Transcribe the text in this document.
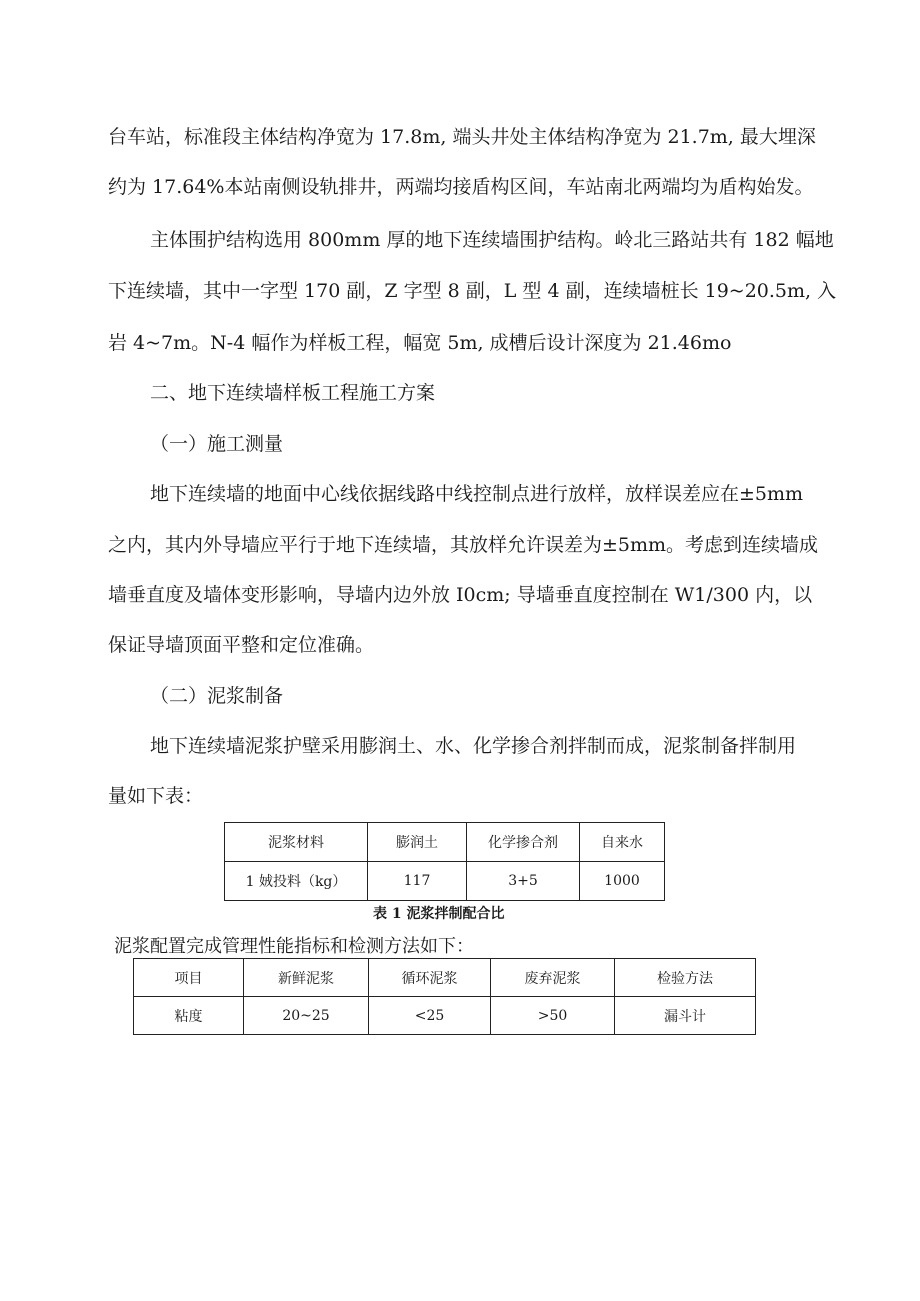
台车站，标准段主体结构净宽为 17.8m, 端头井处主体结构净宽为 21.7m, 最大埋深
约为 17.64%本站南侧设轨排井，两端均接盾构区间，车站南北两端均为盾构始发。
主体围护结构选用 800mm 厚的地下连续墙围护结构。岭北三路站共有 182 幅地
下连续墙，其中一字型 170 副，Z 字型 8 副，L 型 4 副，连续墙桩长 19~20.5m, 入
岩 4~7m。N-4 幅作为样板工程，幅宽 5m, 成槽后设计深度为 21.46mo
二、地下连续墙样板工程施工方案
（一）施工测量
地下连续墙的地面中心线依据线路中线控制点进行放样，放样误差应在±5mm
之内，其内外导墙应平行于地下连续墙，其放样允许误差为±5mm。考虑到连续墙成
墙垂直度及墙体变形影响，导墙内边外放 I0cm; 导墙垂直度控制在 W1/300 内，以
保证导墙顶面平整和定位准确。
（二）泥浆制备
地下连续墙泥浆护壁采用膨润土、水、化学掺合剂拌制而成，泥浆制备拌制用
量如下表：
泥浆材料	膨润土	化学掺合剂	自来水
1 娀投料（kg）	117	3+5	1000
表 1 泥浆拌制配合比
泥浆配置完成管理性能指标和检测方法如下：
项目	新鲜泥浆	循环泥浆	废弃泥浆	检验方法
粘度	20~25	<25	>50	漏斗计
